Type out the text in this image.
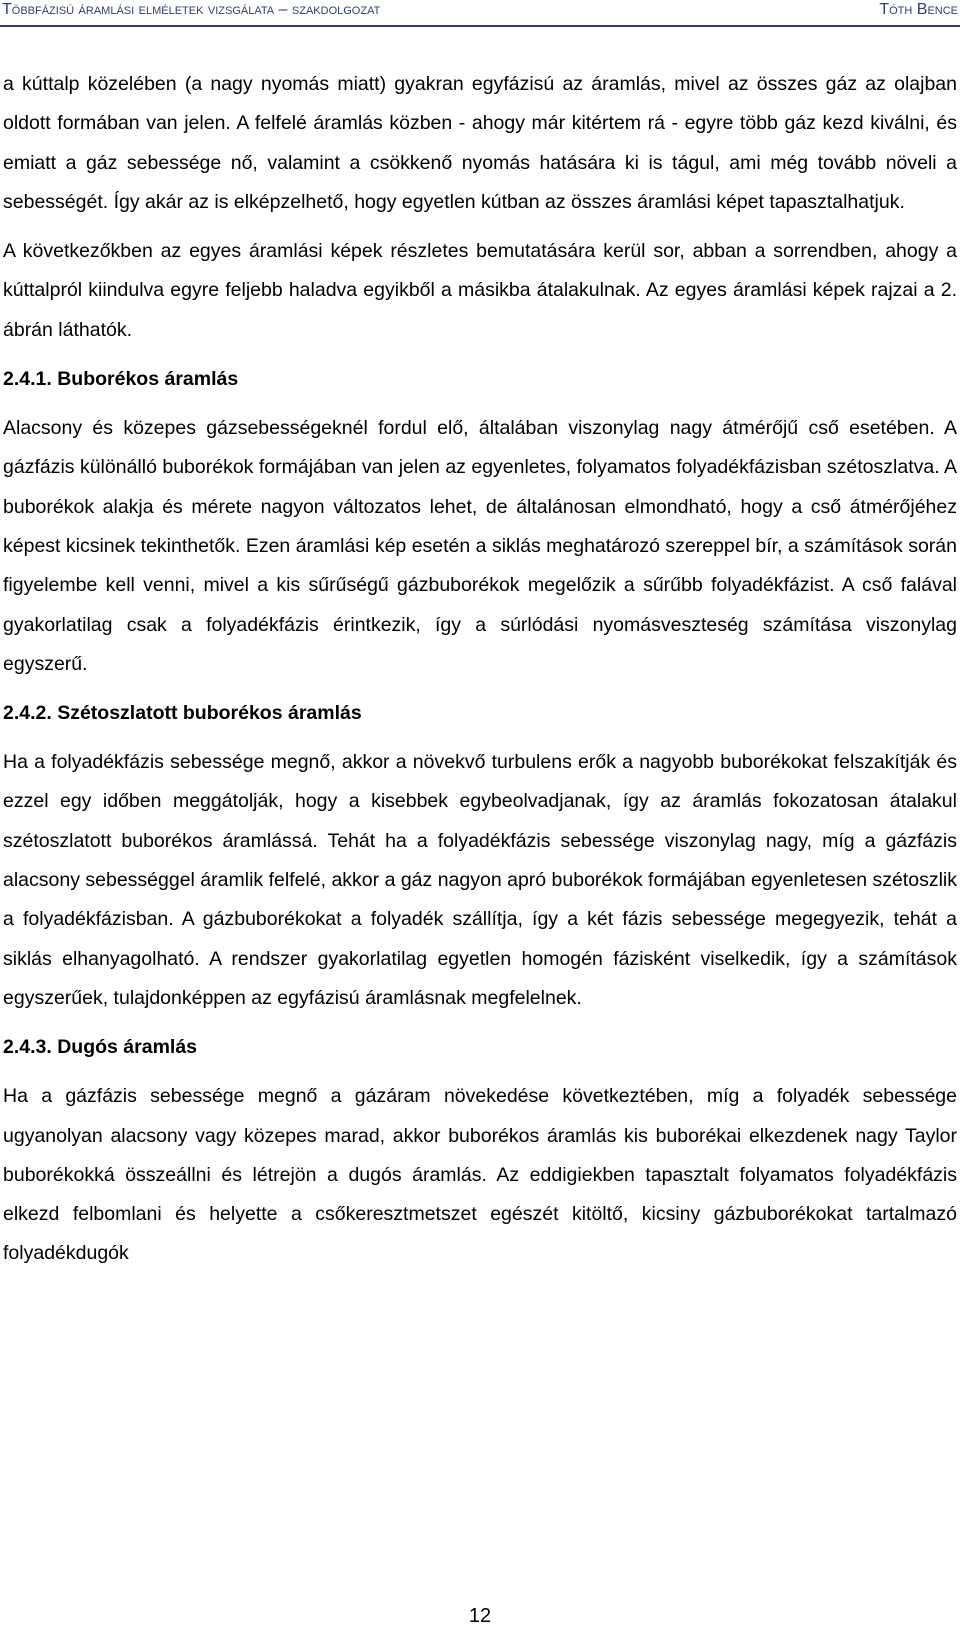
Többfázisú áramlási elméletek vizsgálata – szakdolgozat	Tóth Bence

a kúttalp közelében (a nagy nyomás miatt) gyakran egyfázisú az áramlás, mivel az összes gáz az olajban oldott formában van jelen. A felfelé áramlás közben - ahogy már kitértem rá - egyre több gáz kezd kiválni, és emiatt a gáz sebessége nő, valamint a csökkenő nyomás hatására ki is tágul, ami még tovább növeli a sebességét. Így akár az is elképzelhető, hogy egyetlen kútban az összes áramlási képet tapasztalhatjuk.

A következőkben az egyes áramlási képek részletes bemutatására kerül sor, abban a sorrendben, ahogy a kúttalpról kiindulva egyre feljebb haladva egyikből a másikba átalakulnak. Az egyes áramlási képek rajzai a 2. ábrán láthatók.

2.4.1. Buborékos áramlás

Alacsony és közepes gázsebességeknél fordul elő, általában viszonylag nagy átmérőjű cső esetében. A gázfázis különálló buborékok formájában van jelen az egyenletes, folyamatos folyadékfázisban szétoszlatva. A buborékok alakja és mérete nagyon változatos lehet, de általánosan elmondható, hogy a cső átmérőjéhez képest kicsinek tekinthetők. Ezen áramlási kép esetén a siklás meghatározó szereppel bír, a számítások során figyelembe kell venni, mivel a kis sűrűségű gázbuborékok megelőzik a sűrűbb folyadékfázist. A cső falával gyakorlatilag csak a folyadékfázis érintkezik, így a súrlódási nyomásveszteség számítása viszonylag egyszerű.

2.4.2. Szétoszlatott buborékos áramlás

Ha a folyadékfázis sebessége megnő, akkor a növekvő turbulens erők a nagyobb buborékokat felszakítják és ezzel egy időben meggátolják, hogy a kisebbek egybeolvadjanak, így az áramlás fokozatosan átalakul szétoszlatott buborékos áramlássá. Tehát ha a folyadékfázis sebessége viszonylag nagy, míg a gázfázis alacsony sebességgel áramlik felfelé, akkor a gáz nagyon apró buborékok formájában egyenletesen szétoszlik a folyadékfázisban. A gázbuborékokat a folyadék szállítja, így a két fázis sebessége megegyezik, tehát a siklás elhanyagolható. A rendszer gyakorlatilag egyetlen homogén fázisként viselkedik, így a számítások egyszerűek, tulajdonképpen az egyfázisú áramlásnak megfelelnek.

2.4.3. Dugós áramlás

Ha a gázfázis sebessége megnő a gázáram növekedése következtében, míg a folyadék sebessége ugyanolyan alacsony vagy közepes marad, akkor buborékos áramlás kis buborékai elkezdenek nagy Taylor buborékokká összeállni és létrejön a dugós áramlás. Az eddigiekben tapasztalt folyamatos folyadékfázis elkezd felbomlani és helyette a csőkeresztmetszet egészét kitöltő, kicsiny gázbuborékokat tartalmazó folyadékdugók

12
